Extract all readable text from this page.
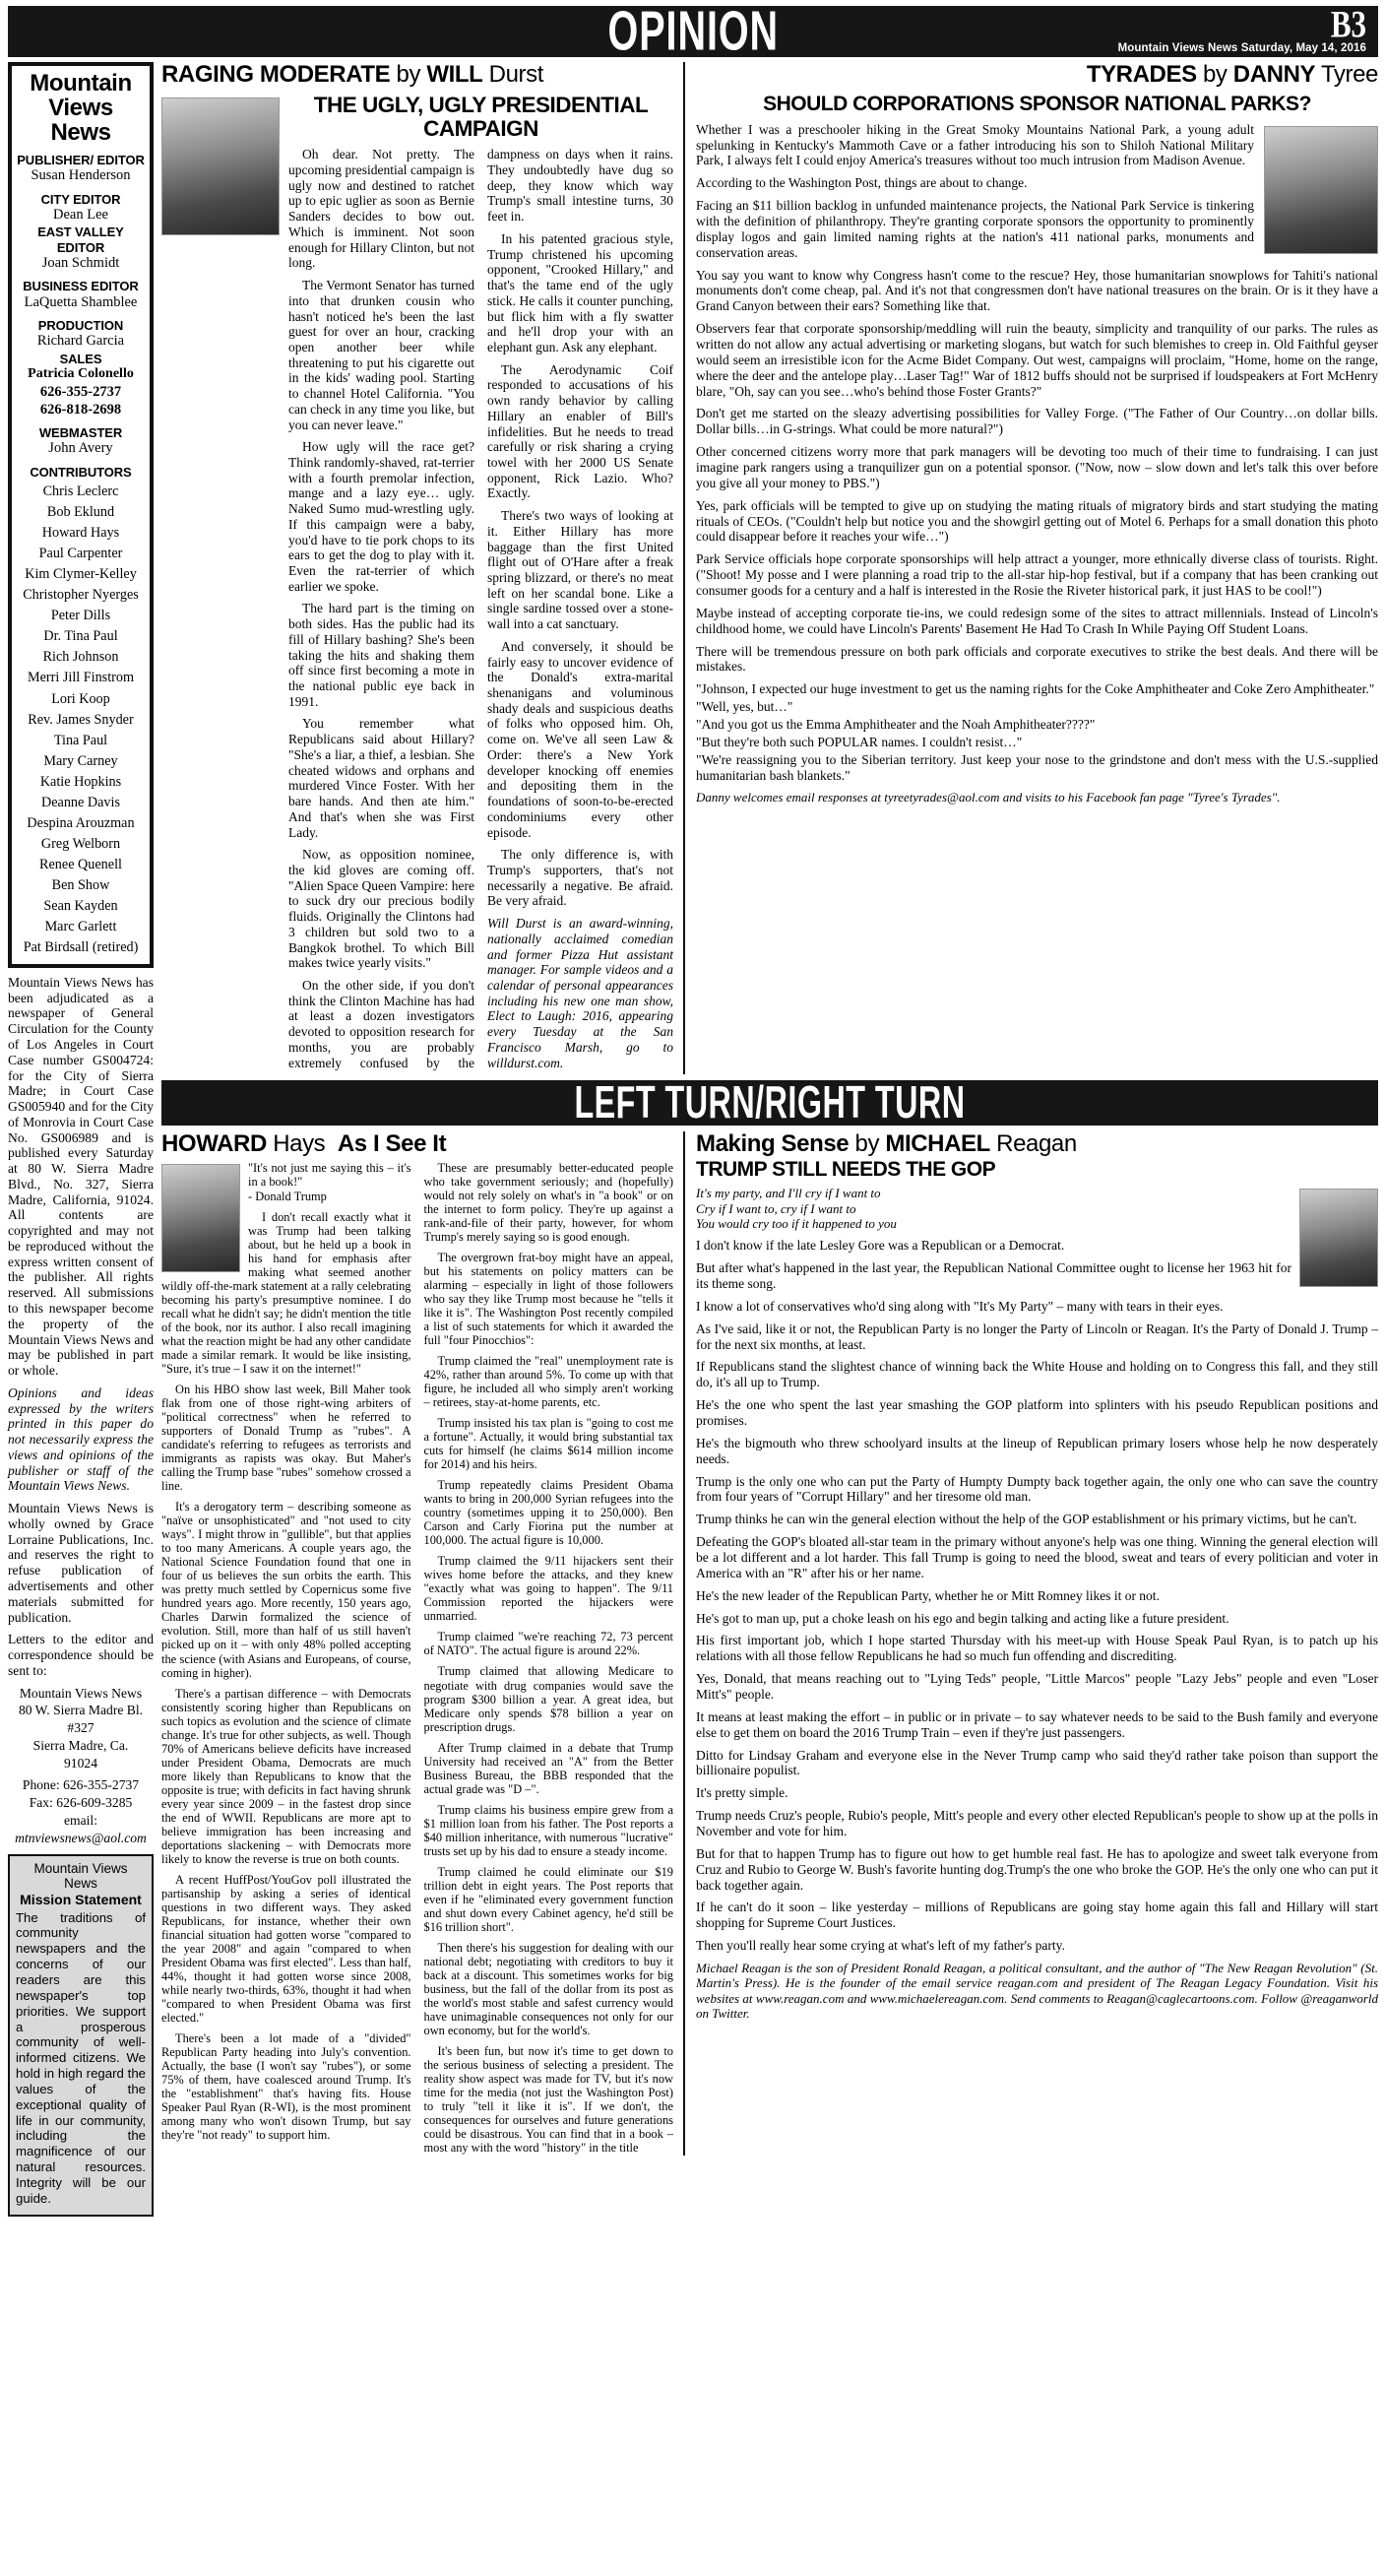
OPINION	B3
Mountain Views News Saturday, May 14, 2016
Mountain Views News
PUBLISHER/ EDITOR
Susan Henderson
CITY EDITOR
Dean Lee
EAST VALLEY EDITOR
Joan Schmidt
BUSINESS EDITOR
LaQuetta Shamblee
PRODUCTION
Richard Garcia
SALES
Patricia Colonello
626-355-2737
626-818-2698
WEBMASTER
John Avery
CONTRIBUTORS
Chris Leclerc
Bob Eklund
Howard Hays
Paul Carpenter
Kim Clymer-Kelley
Christopher Nyerges
Peter Dills
Dr. Tina Paul
Rich Johnson
Merri Jill Finstrom
Lori Koop
Rev. James Snyder
Tina Paul
Mary Carney
Katie Hopkins
Deanne Davis
Despina Arouzman
Greg Welborn
Renee Quenell
Ben Show
Sean Kayden
Marc Garlett
Pat Birdsall (retired)

Mountain Views News has been adjudicated as a newspaper of General Circulation for the County of Los Angeles in Court Case number GS004724: for the City of Sierra Madre; in Court Case GS005940 and for the City of Monrovia in Court Case No. GS006989 and is published every Saturday at 80 W. Sierra Madre Blvd., No. 327, Sierra Madre, California, 91024. All contents are copyrighted and may not be reproduced without the express written consent of the publisher. All rights reserved. All submissions to this newspaper become the property of the Mountain Views News and may be published in part or whole.

Opinions and ideas expressed by the writers printed in this paper do not necessarily express the views and opinions of the publisher or staff of the Mountain Views News.

Mountain Views News is wholly owned by Grace Lorraine Publications, Inc. and reserves the right to refuse publication of advertisements and other materials submitted for publication.

Letters to the editor and correspondence should be sent to:

Mountain Views News

80 W. Sierra Madre Bl.

#327

Sierra Madre, Ca.

91024

Phone: 626-355-2737

Fax: 626-609-3285

email:

mtnviewsnews@aol.com

Mountain Views News
Mission Statement
The traditions of community newspapers and the concerns of our readers are this newspaper's top priorities. We support a prosperous community of well-informed citizens. We hold in high regard the values of the exceptional quality of life in our community, including the magnificence of our natural resources. Integrity will be our guide.
RAGING MODERATE by WILL Durst
THE UGLY, UGLY PRESIDENTIAL CAMPAIGN

Oh dear. Not pretty. The upcoming presidential campaign is ugly now and destined to ratchet up to epic uglier as soon as Bernie Sanders decides to bow out. Which is imminent. Not soon enough for Hillary Clinton, but not long.

The Vermont Senator has turned into that drunken cousin who hasn't noticed he's been the last guest for over an hour, cracking open another beer while threatening to put his cigarette out in the kids' wading pool. Starting to channel Hotel California. "You can check in any time you like, but you can never leave."

How ugly will the race get? Think randomly-shaved, rat-terrier with a fourth premolar infection, mange and a lazy eye… ugly. Naked Sumo mud-wrestling ugly. If this campaign were a baby, you'd have to tie pork chops to its ears to get the dog to play with it. Even the rat-terrier of which earlier we spoke.

The hard part is the timing on both sides. Has the public had its fill of Hillary bashing? She's been taking the hits and shaking them off since first becoming a mote in the national public eye back in 1991.

You remember what Republicans said about Hillary? "She's a liar, a thief, a lesbian. She cheated widows and orphans and murdered Vince Foster. With her bare hands. And then ate him." And that's when she was First Lady.

Now, as opposition nominee, the kid gloves are coming off. "Alien Space Queen Vampire: here to suck dry our precious bodily fluids. Originally the Clintons had 3 children but sold two to a Bangkok brothel. To which Bill makes twice yearly visits."

On the other side, if you don't think the Clinton Machine has had at least a dozen investigators devoted to opposition research for months, you are probably extremely confused by the dampness on days when it rains. They undoubtedly have dug so deep, they know which way Trump's small intestine turns, 30 feet in.

In his patented gracious style, Trump christened his upcoming opponent, "Crooked Hillary," and that's the tame end of the ugly stick. He calls it counter punching, but flick him with a fly swatter and he'll drop your with an elephant gun. Ask any elephant.

The Aerodynamic Coif responded to accusations of his own randy behavior by calling Hillary an enabler of Bill's infidelities. But he needs to tread carefully or risk sharing a crying towel with her 2000 US Senate opponent, Rick Lazio. Who? Exactly.

There's two ways of looking at it. Either Hillary has more baggage than the first United flight out of O'Hare after a freak spring blizzard, or there's no meat left on her scandal bone. Like a single sardine tossed over a stone-wall into a cat sanctuary.

And conversely, it should be fairly easy to uncover evidence of the Donald's extra-marital shenanigans and voluminous shady deals and suspicious deaths of folks who opposed him. Oh, come on. We've all seen Law & Order: there's a New York developer knocking off enemies and depositing them in the foundations of soon-to-be-erected condominiums every other episode.

The only difference is, with Trump's supporters, that's not necessarily a negative. Be afraid. Be very afraid.

Will Durst is an award-winning, nationally acclaimed comedian and former Pizza Hut assistant manager. For sample videos and a calendar of personal appearances including his new one man show, Elect to Laugh: 2016, appearing every Tuesday at the San Francisco Marsh, go to willdurst.com.

TYRADES by DANNY Tyree
SHOULD CORPORATIONS SPONSOR NATIONAL PARKS?

Whether I was a preschooler hiking in the Great Smoky Mountains National Park, a young adult spelunking in Kentucky's Mammoth Cave or a father introducing his son to Shiloh National Military Park, I always felt I could enjoy America's treasures without too much intrusion from Madison Avenue.

According to the Washington Post, things are about to change.

Facing an $11 billion backlog in unfunded maintenance projects, the National Park Service is tinkering with the definition of philanthropy. They're granting corporate sponsors the opportunity to prominently display logos and gain limited naming rights at the nation's 411 national parks, monuments and conservation areas.

You say you want to know why Congress hasn't come to the rescue? Hey, those humanitarian snowplows for Tahiti's national monuments don't come cheap, pal. And it's not that congressmen don't have national treasures on the brain. Or is it they have a Grand Canyon between their ears? Something like that.

Observers fear that corporate sponsorship/meddling will ruin the beauty, simplicity and tranquility of our parks. The rules as written do not allow any actual advertising or marketing slogans, but watch for such blemishes to creep in. Old Faithful geyser would seem an irresistible icon for the Acme Bidet Company. Out west, campaigns will proclaim, "Home, home on the range, where the deer and the antelope play…Laser Tag!" War of 1812 buffs should not be surprised if loudspeakers at Fort McHenry blare, "Oh, say can you see…who's behind those Foster Grants?"

Don't get me started on the sleazy advertising possibilities for Valley Forge. ("The Father of Our Country…on dollar bills. Dollar bills…in G-strings. What could be more natural?")

Other concerned citizens worry more that park managers will be devoting too much of their time to fundraising. I can just imagine park rangers using a tranquilizer gun on a potential sponsor. ("Now, now – slow down and let's talk this over before you give all your money to PBS.")

Yes, park officials will be tempted to give up on studying the mating rituals of migratory birds and start studying the mating rituals of CEOs. ("Couldn't help but notice you and the showgirl getting out of Motel 6. Perhaps for a small donation this photo could disappear before it reaches your wife…")

Park Service officials hope corporate sponsorships will help attract a younger, more ethnically diverse class of tourists. Right. ("Shoot! My posse and I were planning a road trip to the all-star hip-hop festival, but if a company that has been cranking out consumer goods for a century and a half is interested in the Rosie the Riveter historical park, it just HAS to be cool!")

Maybe instead of accepting corporate tie-ins, we could redesign some of the sites to attract millennials. Instead of Lincoln's childhood home, we could have Lincoln's Parents' Basement He Had To Crash In While Paying Off Student Loans.

There will be tremendous pressure on both park officials and corporate executives to strike the best deals. And there will be mistakes.

"Johnson, I expected our huge investment to get us the naming rights for the Coke Amphitheater and Coke Zero Amphitheater."

"Well, yes, but…"

"And you got us the Emma Amphitheater and the Noah Amphitheater????"

"But they're both such POPULAR names. I couldn't resist…"

"We're reassigning you to the Siberian territory. Just keep your nose to the grindstone and don't mess with the U.S.-supplied humanitarian bash blankets."

Danny welcomes email responses at tyreetyrades@aol.com and visits to his Facebook fan page "Tyree's Tyrades".

LEFT TURN/RIGHT TURN
HOWARD Hays As I See It

"It's not just me saying this – it's in a book!"

- Donald Trump

I don't recall exactly what it was Trump had been talking about, but he held up a book in his hand for emphasis after making what seemed another wildly off-the-mark statement at a rally celebrating becoming his party's presumptive nominee. I do recall what he didn't say; he didn't mention the title of the book, nor its author. I also recall imagining what the reaction might be had any other candidate made a similar remark. It would be like insisting, "Sure, it's true – I saw it on the internet!"

On his HBO show last week, Bill Maher took flak from one of those right-wing arbiters of "political correctness" when he referred to supporters of Donald Trump as "rubes". A candidate's referring to refugees as terrorists and immigrants as rapists was okay. But Maher's calling the Trump base "rubes" somehow crossed a line.

It's a derogatory term – describing someone as "naïve or unsophisticated" and "not used to city ways". I might throw in "gullible", but that applies to too many Americans. A couple years ago, the National Science Foundation found that one in four of us believes the sun orbits the earth. This was pretty much settled by Copernicus some five hundred years ago. More recently, 150 years ago, Charles Darwin formalized the science of evolution. Still, more than half of us still haven't picked up on it – with only 48% polled accepting the science (with Asians and Europeans, of course, coming in higher).

There's a partisan difference – with Democrats consistently scoring higher than Republicans on such topics as evolution and the science of climate change. It's true for other subjects, as well. Though 70% of Americans believe deficits have increased under President Obama, Democrats are much more likely than Republicans to know that the opposite is true; with deficits in fact having shrunk every year since 2009 – in the fastest drop since the end of WWII. Republicans are more apt to believe immigration has been increasing and deportations slackening – with Democrats more likely to know the reverse is true on both counts.

A recent HuffPost/YouGov poll illustrated the partisanship by asking a series of identical questions in two different ways. They asked Republicans, for instance, whether their own financial situation had gotten worse "compared to the year 2008" and again "compared to when President Obama was first elected". Less than half, 44%, thought it had gotten worse since 2008, while nearly two-thirds, 63%, thought it had when "compared to when President Obama was first elected."

There's been a lot made of a "divided" Republican Party heading into July's convention. Actually, the base (I won't say "rubes"), or some 75% of them, have coalesced around Trump. It's the "establishment" that's having fits. House Speaker Paul Ryan (R-WI), is the most prominent among many who won't disown Trump, but say they're "not ready" to support him.

These are presumably better-educated people who take government seriously; and (hopefully) would not rely solely on what's in "a book" or on the internet to form policy. They're up against a rank-and-file of their party, however, for whom Trump's merely saying so is good enough.

The overgrown frat-boy might have an appeal, but his statements on policy matters can be alarming – especially in light of those followers who say they like Trump most because he "tells it like it is". The Washington Post recently compiled a list of such statements for which it awarded the full "four Pinocchios":

Trump claimed the "real" unemployment rate is 42%, rather than around 5%. To come up with that figure, he included all who simply aren't working – retirees, stay-at-home parents, etc.

Trump insisted his tax plan is "going to cost me a fortune". Actually, it would bring substantial tax cuts for himself (he claims $614 million income for 2014) and his heirs.

Trump repeatedly claims President Obama wants to bring in 200,000 Syrian refugees into the country (sometimes upping it to 250,000). Ben Carson and Carly Fiorina put the number at 100,000. The actual figure is 10,000.

Trump claimed the 9/11 hijackers sent their wives home before the attacks, and they knew "exactly what was going to happen". The 9/11 Commission reported the hijackers were unmarried.

Trump claimed "we're reaching 72, 73 percent of NATO". The actual figure is around 22%.

Trump claimed that allowing Medicare to negotiate with drug companies would save the program $300 billion a year. A great idea, but Medicare only spends $78 billion a year on prescription drugs.

After Trump claimed in a debate that Trump University had received an "A" from the Better Business Bureau, the BBB responded that the actual grade was "D –".

Trump claims his business empire grew from a $1 million loan from his father. The Post reports a $40 million inheritance, with numerous "lucrative" trusts set up by his dad to ensure a steady income.

Trump claimed he could eliminate our $19 trillion debt in eight years. The Post reports that even if he "eliminated every government function and shut down every Cabinet agency, he'd still be $16 trillion short".

Then there's his suggestion for dealing with our national debt; negotiating with creditors to buy it back at a discount. This sometimes works for big business, but the fall of the dollar from its post as the world's most stable and safest currency would have unimaginable consequences not only for our own economy, but for the world's.

It's been fun, but now it's time to get down to the serious business of selecting a president. The reality show aspect was made for TV, but it's now time for the media (not just the Washington Post) to truly "tell it like it is". If we don't, the consequences for ourselves and future generations could be disastrous. You can find that in a book – most any with the word "history" in the title

Making Sense by MICHAEL Reagan
TRUMP STILL NEEDS THE GOP

It's my party, and I'll cry if I want to

Cry if I want to, cry if I want to

You would cry too if it happened to you

I don't know if the late Lesley Gore was a Republican or a Democrat.

But after what's happened in the last year, the Republican National Committee ought to license her 1963 hit for its theme song.

I know a lot of conservatives who'd sing along with "It's My Party" – many with tears in their eyes.

As I've said, like it or not, the Republican Party is no longer the Party of Lincoln or Reagan. It's the Party of Donald J. Trump – for the next six months, at least.

If Republicans stand the slightest chance of winning back the White House and holding on to Congress this fall, and they still do, it's all up to Trump.

He's the one who spent the last year smashing the GOP platform into splinters with his pseudo Republican positions and promises.

He's the bigmouth who threw schoolyard insults at the lineup of Republican primary losers whose help he now desperately needs.

Trump is the only one who can put the Party of Humpty Dumpty back together again, the only one who can save the country from four years of "Corrupt Hillary" and her tiresome old man.

Trump thinks he can win the general election without the help of the GOP establishment or his primary victims, but he can't.

Defeating the GOP's bloated all-star team in the primary without anyone's help was one thing. Winning the general election will be a lot different and a lot harder. This fall Trump is going to need the blood, sweat and tears of every politician and voter in America with an "R" after his or her name.

He's the new leader of the Republican Party, whether he or Mitt Romney likes it or not.

He's got to man up, put a choke leash on his ego and begin talking and acting like a future president.

His first important job, which I hope started Thursday with his meet-up with House Speak Paul Ryan, is to patch up his relations with all those fellow Republicans he had so much fun offending and discrediting.

Yes, Donald, that means reaching out to "Lying Teds" people, "Little Marcos" people "Lazy Jebs" people and even "Loser Mitt's" people.

It means at least making the effort – in public or in private – to say whatever needs to be said to the Bush family and everyone else to get them on board the 2016 Trump Train – even if they're just passengers.

Ditto for Lindsay Graham and everyone else in the Never Trump camp who said they'd rather take poison than support the billionaire populist.

It's pretty simple.

Trump needs Cruz's people, Rubio's people, Mitt's people and every other elected Republican's people to show up at the polls in November and vote for him.

But for that to happen Trump has to figure out how to get humble real fast. He has to apologize and sweet talk everyone from Cruz and Rubio to George W. Bush's favorite hunting dog.Trump's the one who broke the GOP. He's the only one who can put it back together again.

If he can't do it soon – like yesterday – millions of Republicans are going stay home again this fall and Hillary will start shopping for Supreme Court Justices.

Then you'll really hear some crying at what's left of my father's party.

Michael Reagan is the son of President Ronald Reagan, a political consultant, and the author of "The New Reagan Revolution" (St. Martin's Press). He is the founder of the email service reagan.com and president of The Reagan Legacy Foundation. Visit his websites at www.reagan.com and www.michaelereagan.com. Send comments to Reagan@caglecartoons.com. Follow @reaganworld on Twitter.
